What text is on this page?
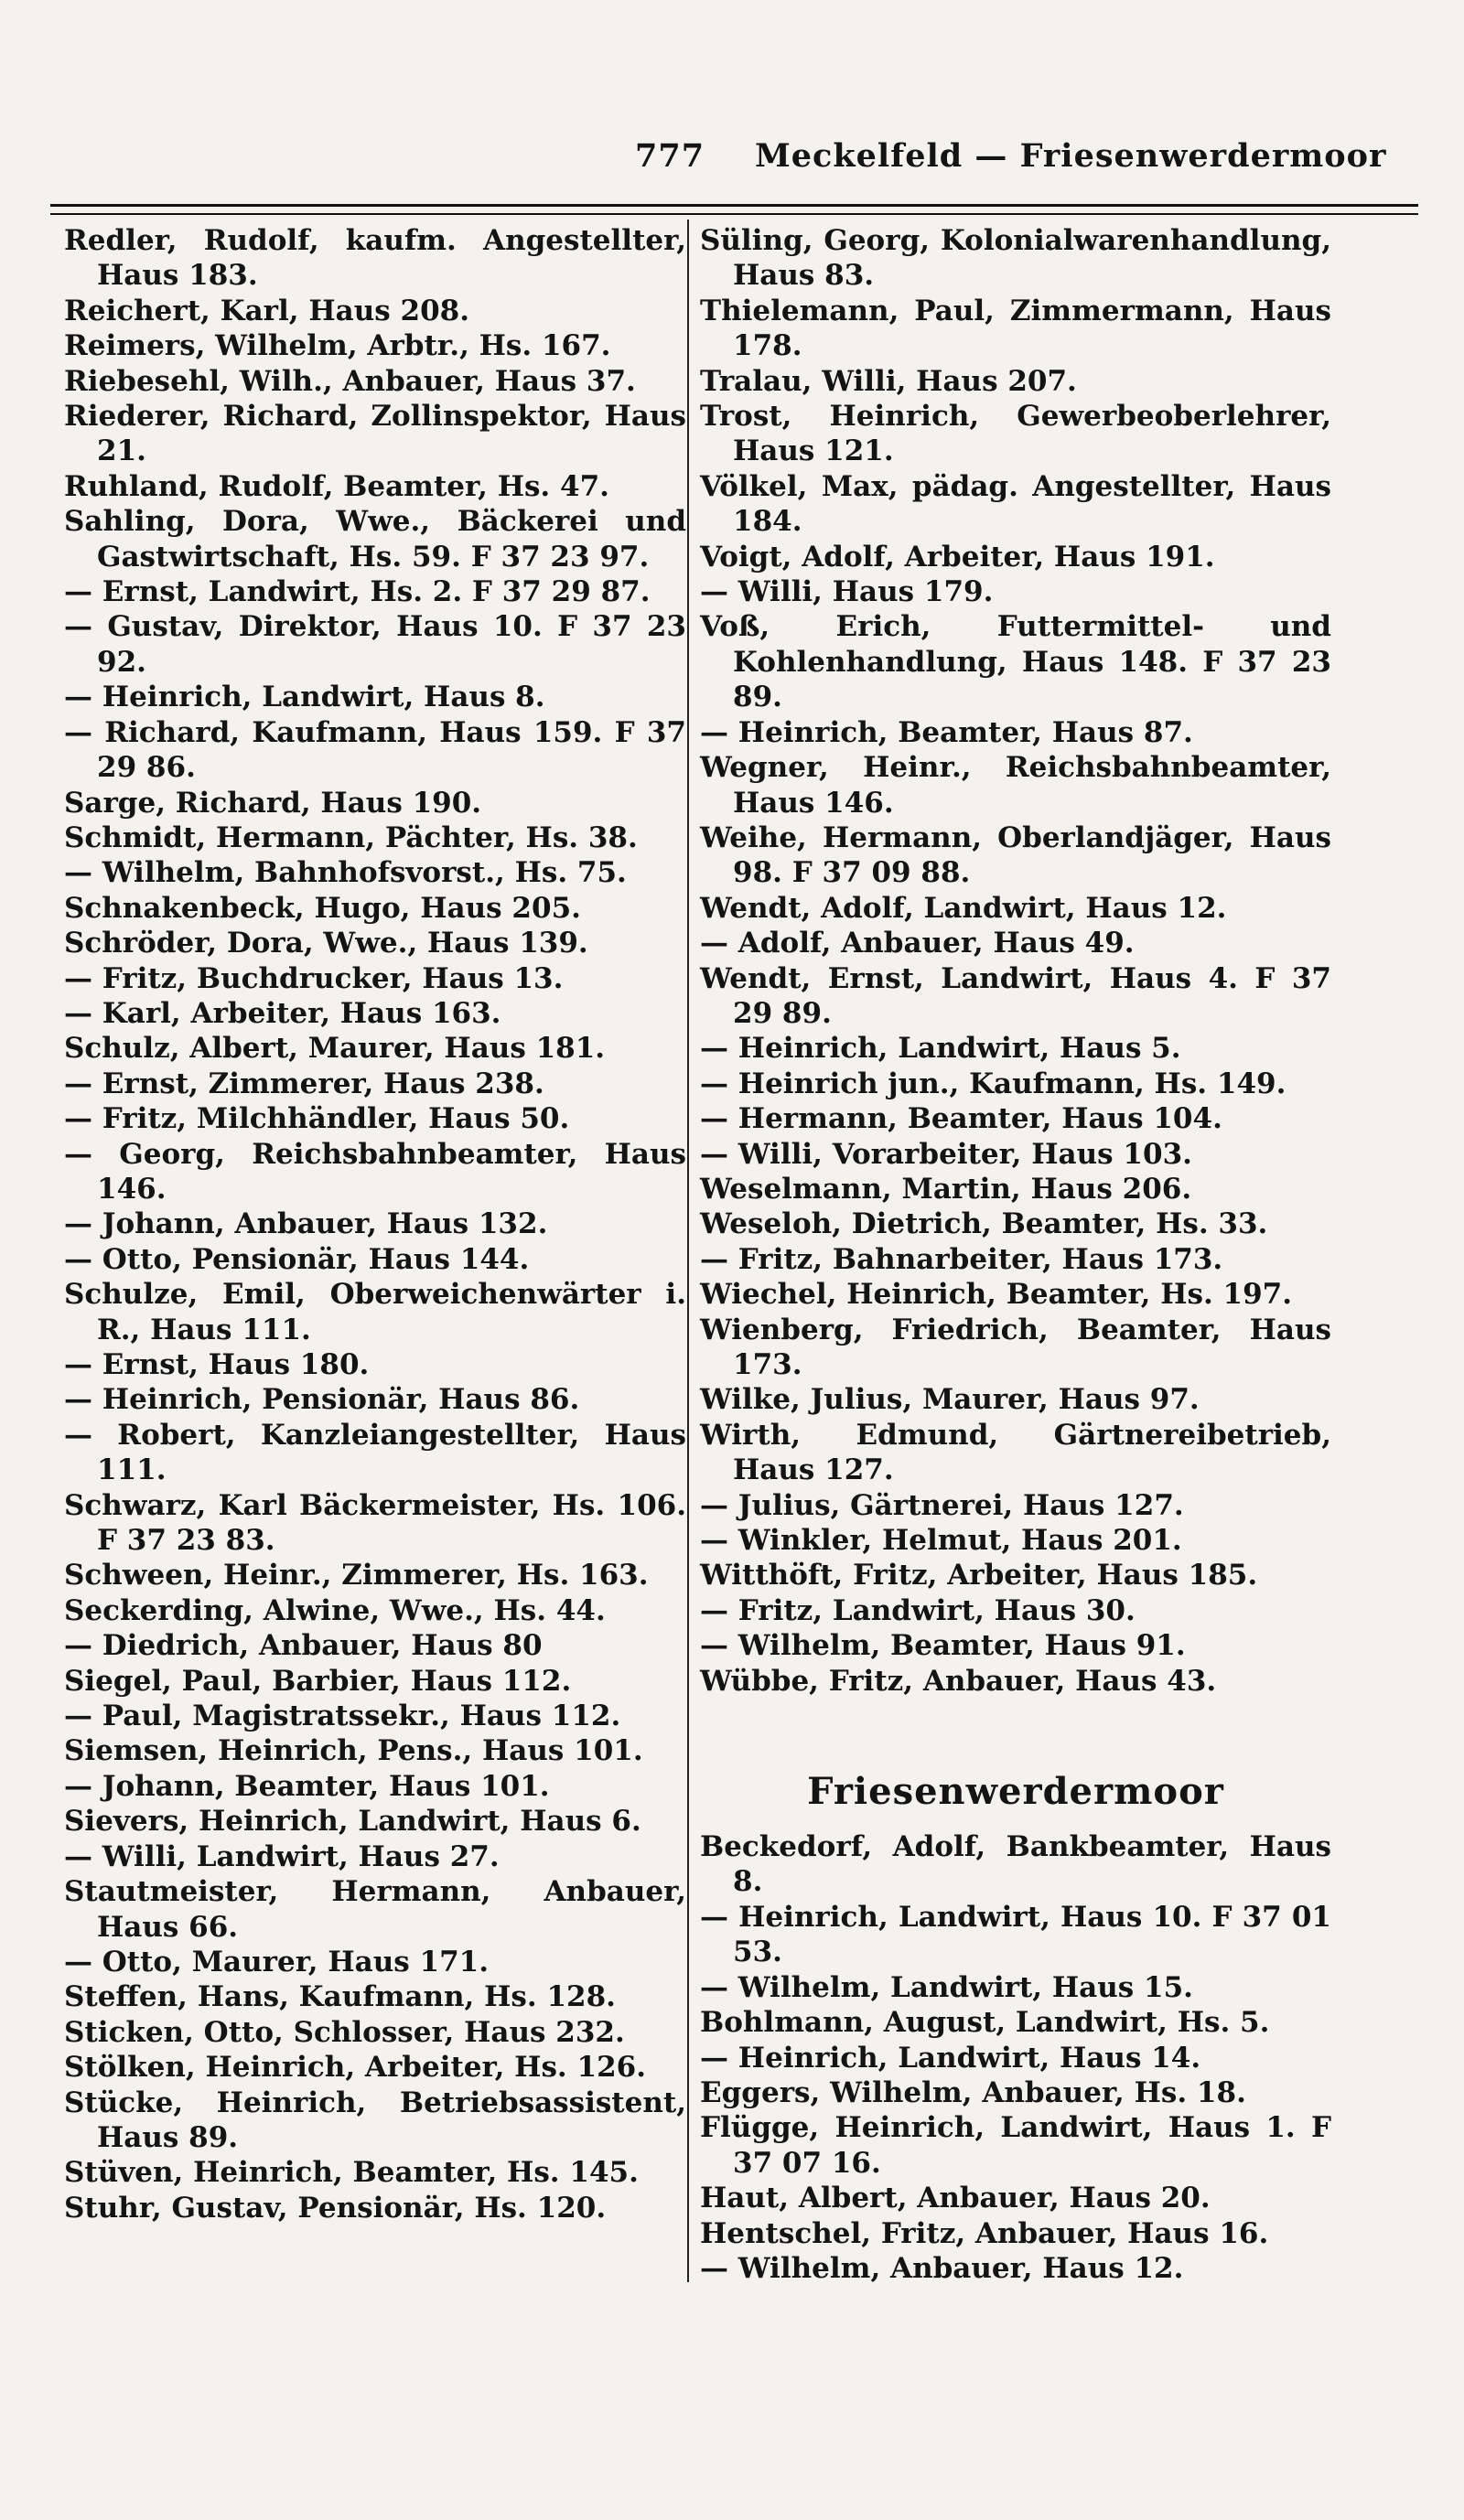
777 Meckelfeld — Friesenwerdermoor

Redler, Rudolf, kaufm. Angestellter, Haus 183.

Reichert, Karl, Haus 208.

Reimers, Wilhelm, Arbtr., Hs. 167.

Riebesehl, Wilh., Anbauer, Haus 37.

Riederer, Richard, Zollinspektor, Haus 21.

Ruhland, Rudolf, Beamter, Hs. 47.

Sahling, Dora, Wwe., Bäckerei und Gastwirtschaft, Hs. 59. F 37 23 97.

— Ernst, Landwirt, Hs. 2. F 37 29 87.

— Gustav, Direktor, Haus 10. F 37 23 92.

— Heinrich, Landwirt, Haus 8.

— Richard, Kaufmann, Haus 159. F 37 29 86.

Sarge, Richard, Haus 190.

Schmidt, Hermann, Pächter, Hs. 38.

— Wilhelm, Bahnhofsvorst., Hs. 75.

Schnakenbeck, Hugo, Haus 205.

Schröder, Dora, Wwe., Haus 139.

— Fritz, Buchdrucker, Haus 13.

— Karl, Arbeiter, Haus 163.

Schulz, Albert, Maurer, Haus 181.

— Ernst, Zimmerer, Haus 238.

— Fritz, Milchhändler, Haus 50.

— Georg, Reichsbahnbeamter, Haus 146.

— Johann, Anbauer, Haus 132.

— Otto, Pensionär, Haus 144.

Schulze, Emil, Oberweichenwärter i. R., Haus 111.

— Ernst, Haus 180.

— Heinrich, Pensionär, Haus 86.

— Robert, Kanzleiangestellter, Haus 111.

Schwarz, Karl Bäckermeister, Hs. 106. F 37 23 83.

Schween, Heinr., Zimmerer, Hs. 163.

Seckerding, Alwine, Wwe., Hs. 44.

— Diedrich, Anbauer, Haus 80

Siegel, Paul, Barbier, Haus 112.

— Paul, Magistratssekr., Haus 112.

Siemsen, Heinrich, Pens., Haus 101.

— Johann, Beamter, Haus 101.

Sievers, Heinrich, Landwirt, Haus 6.

— Willi, Landwirt, Haus 27.

Stautmeister, Hermann, Anbauer, Haus 66.

— Otto, Maurer, Haus 171.

Steffen, Hans, Kaufmann, Hs. 128.

Sticken, Otto, Schlosser, Haus 232.

Stölken, Heinrich, Arbeiter, Hs. 126.

Stücke, Heinrich, Betriebsassistent, Haus 89.

Stüven, Heinrich, Beamter, Hs. 145.

Stuhr, Gustav, Pensionär, Hs. 120.

Süling, Georg, Kolonialwarenhandlung, Haus 83.

Thielemann, Paul, Zimmermann, Haus 178.

Tralau, Willi, Haus 207.

Trost, Heinrich, Gewerbeoberlehrer, Haus 121.

Völkel, Max, pädag. Angestellter, Haus 184.

Voigt, Adolf, Arbeiter, Haus 191.

— Willi, Haus 179.

Voß, Erich, Futtermittel- und Kohlenhandlung, Haus 148. F 37 23 89.

— Heinrich, Beamter, Haus 87.

Wegner, Heinr., Reichsbahnbeamter, Haus 146.

Weihe, Hermann, Oberlandjäger, Haus 98. F 37 09 88.

Wendt, Adolf, Landwirt, Haus 12.

— Adolf, Anbauer, Haus 49.

Wendt, Ernst, Landwirt, Haus 4. F 37 29 89.

— Heinrich, Landwirt, Haus 5.

— Heinrich jun., Kaufmann, Hs. 149.

— Hermann, Beamter, Haus 104.

— Willi, Vorarbeiter, Haus 103.

Weselmann, Martin, Haus 206.

Weseloh, Dietrich, Beamter, Hs. 33.

— Fritz, Bahnarbeiter, Haus 173.

Wiechel, Heinrich, Beamter, Hs. 197.

Wienberg, Friedrich, Beamter, Haus 173.

Wilke, Julius, Maurer, Haus 97.

Wirth, Edmund, Gärtnereibetrieb, Haus 127.

— Julius, Gärtnerei, Haus 127.

— Winkler, Helmut, Haus 201.

Witthöft, Fritz, Arbeiter, Haus 185.

— Fritz, Landwirt, Haus 30.

— Wilhelm, Beamter, Haus 91.

Wübbe, Fritz, Anbauer, Haus 43.

Friesenwerdermoor

Beckedorf, Adolf, Bankbeamter, Haus 8.

— Heinrich, Landwirt, Haus 10. F 37 01 53.

— Wilhelm, Landwirt, Haus 15.

Bohlmann, August, Landwirt, Hs. 5.

— Heinrich, Landwirt, Haus 14.

Eggers, Wilhelm, Anbauer, Hs. 18.

Flügge, Heinrich, Landwirt, Haus 1. F 37 07 16.

Haut, Albert, Anbauer, Haus 20.

Hentschel, Fritz, Anbauer, Haus 16.

— Wilhelm, Anbauer, Haus 12.
